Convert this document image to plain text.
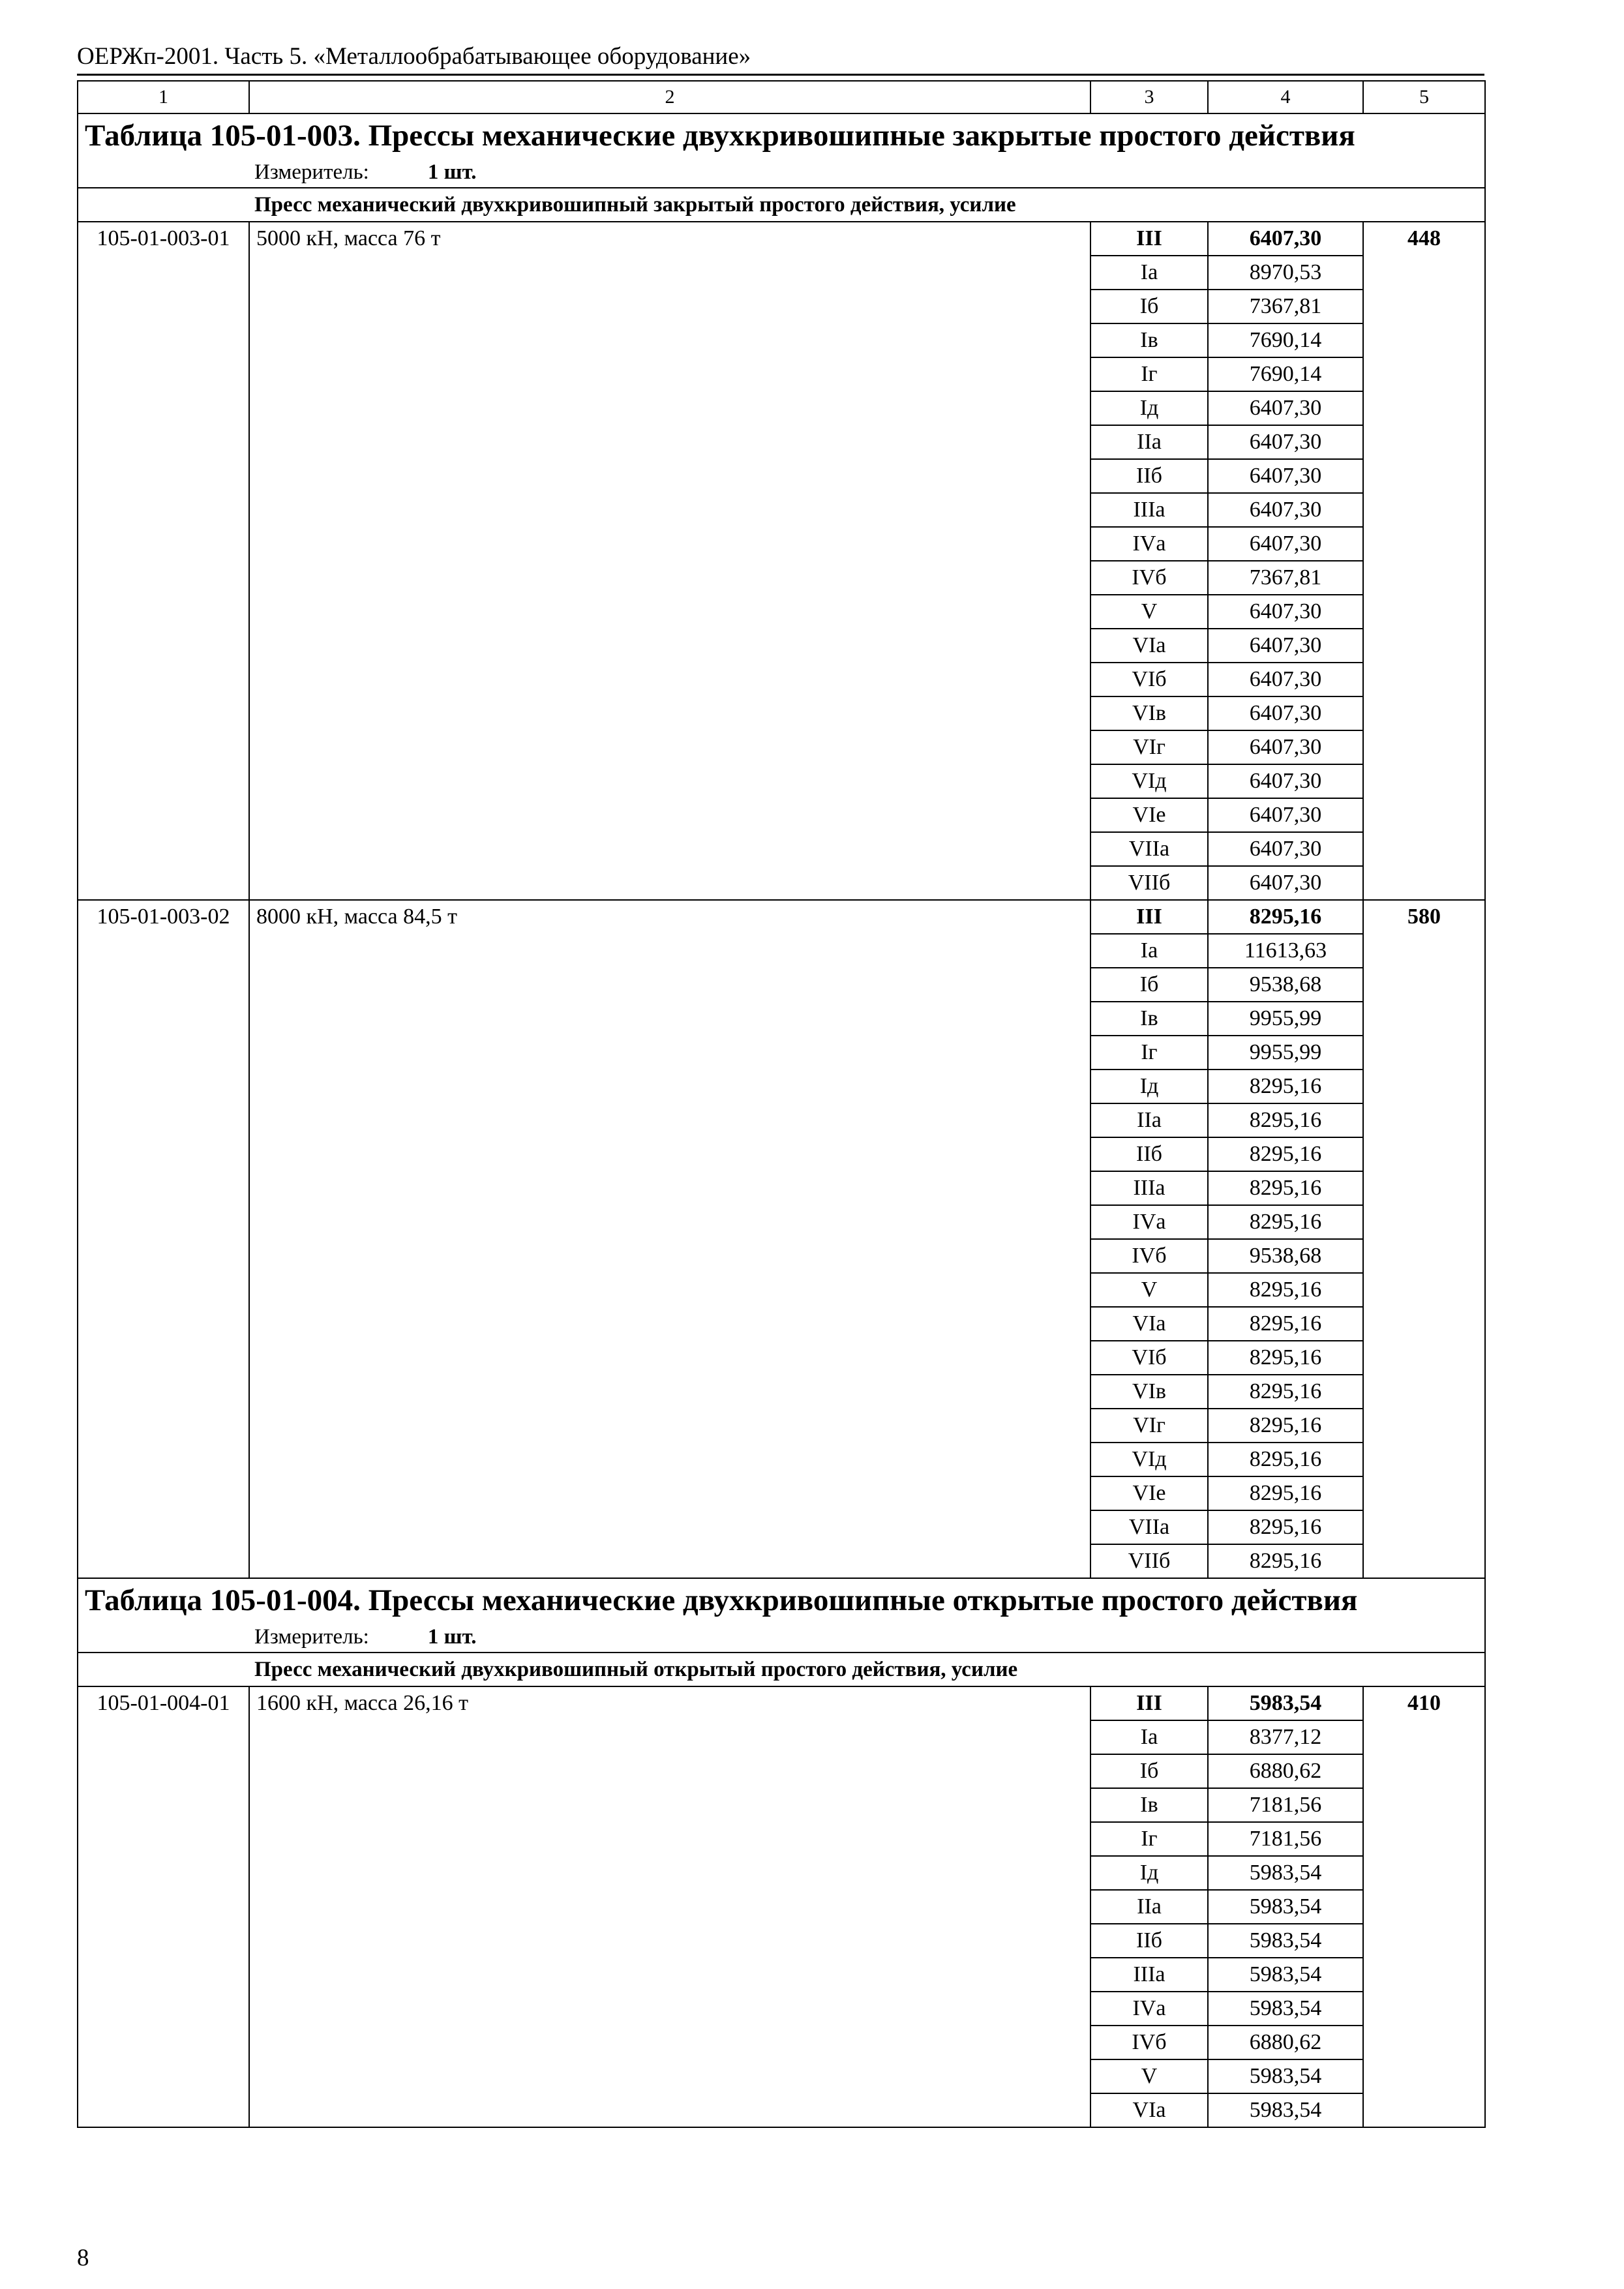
ОЕРЖп-2001. Часть 5. «Металлообрабатывающее оборудование»
1	2	3	4	5
Таблица 105-01-003. Прессы механические двухкривошипные закрытые простого действия				
Измеритель: 1 шт.				
Пресс механический двухкривошипный закрытый простого действия, усилие				
105-01-003-01	5000 кН, масса 76 т	III	6407,30	448
		Iа	8970,53	
		Iб	7367,81	
		Iв	7690,14	
		Iг	7690,14	
		Iд	6407,30	
		IIа	6407,30	
		IIб	6407,30	
		IIIа	6407,30	
		IVа	6407,30	
		IVб	7367,81	
		V	6407,30	
		VIа	6407,30	
		VIб	6407,30	
		VIв	6407,30	
		VIг	6407,30	
		VIд	6407,30	
		VIе	6407,30	
		VIIа	6407,30	
		VIIб	6407,30	
105-01-003-02	8000 кН, масса 84,5 т	III	8295,16	580
		Iа	11613,63	
		Iб	9538,68	
		Iв	9955,99	
		Iг	9955,99	
		Iд	8295,16	
		IIа	8295,16	
		IIб	8295,16	
		IIIа	8295,16	
		IVа	8295,16	
		IVб	9538,68	
		V	8295,16	
		VIа	8295,16	
		VIб	8295,16	
		VIв	8295,16	
		VIг	8295,16	
		VIд	8295,16	
		VIе	8295,16	
		VIIа	8295,16	
		VIIб	8295,16	
Таблица 105-01-004. Прессы механические двухкривошипные открытые простого действия				
Измеритель: 1 шт.				
Пресс механический двухкривошипный открытый простого действия, усилие				
105-01-004-01	1600 кН, масса 26,16 т	III	5983,54	410
		Iа	8377,12	
		Iб	6880,62	
		Iв	7181,56	
		Iг	7181,56	
		Iд	5983,54	
		IIа	5983,54	
		IIб	5983,54	
		IIIа	5983,54	
		IVа	5983,54	
		IVб	6880,62	
		V	5983,54	
		VIа	5983,54	
8
